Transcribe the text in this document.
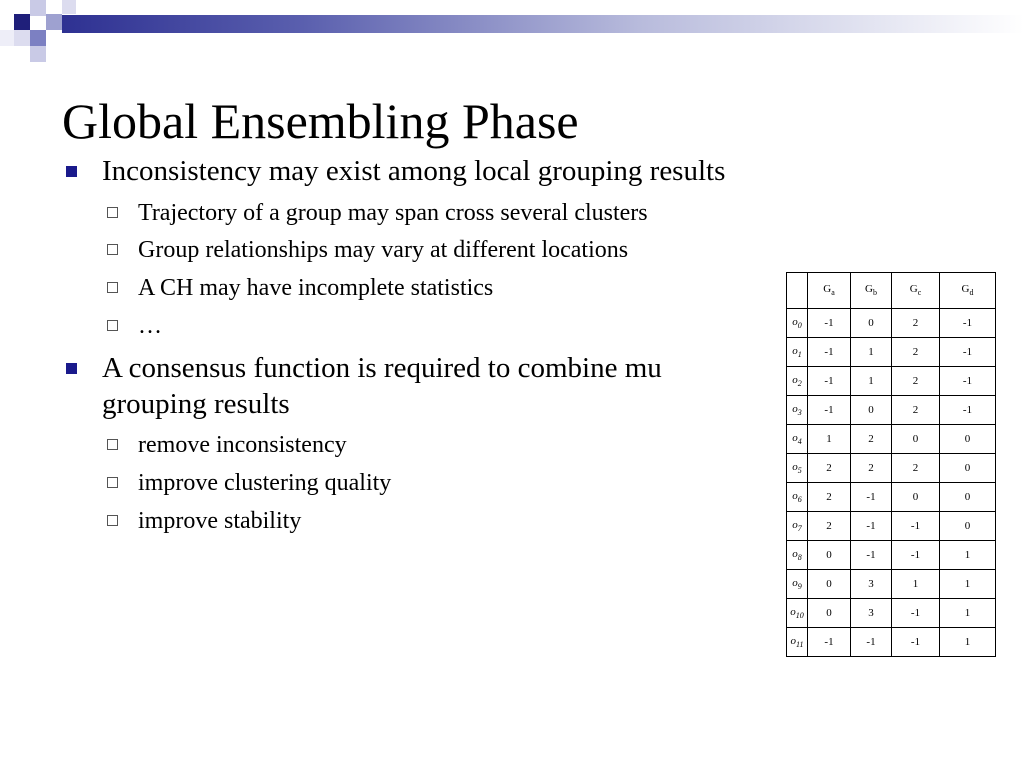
Global Ensembling Phase
Inconsistency may exist among local grouping results
Trajectory of a group may span cross several clusters
Group relationships may vary at different locations
A CH may have incomplete statistics
…
A consensus function is required to combine mu
grouping results
remove inconsistency
improve clustering quality
improve stability
	$G_a$	$G_b$	$G_c$	$G_d$
$o_0$	-1	0	2	-1
$o_1$	-1	1	2	-1
$o_2$	-1	1	2	-1
$o_3$	-1	0	2	-1
$o_4$	1	2	0	0
$o_5$	2	2	2	0
$o_6$	2	-1	0	0
$o_7$	2	-1	-1	0
$o_8$	0	-1	-1	1
$o_9$	0	3	1	1
$o_{10}$	0	3	-1	1
$o_{11}$	-1	-1	-1	1
